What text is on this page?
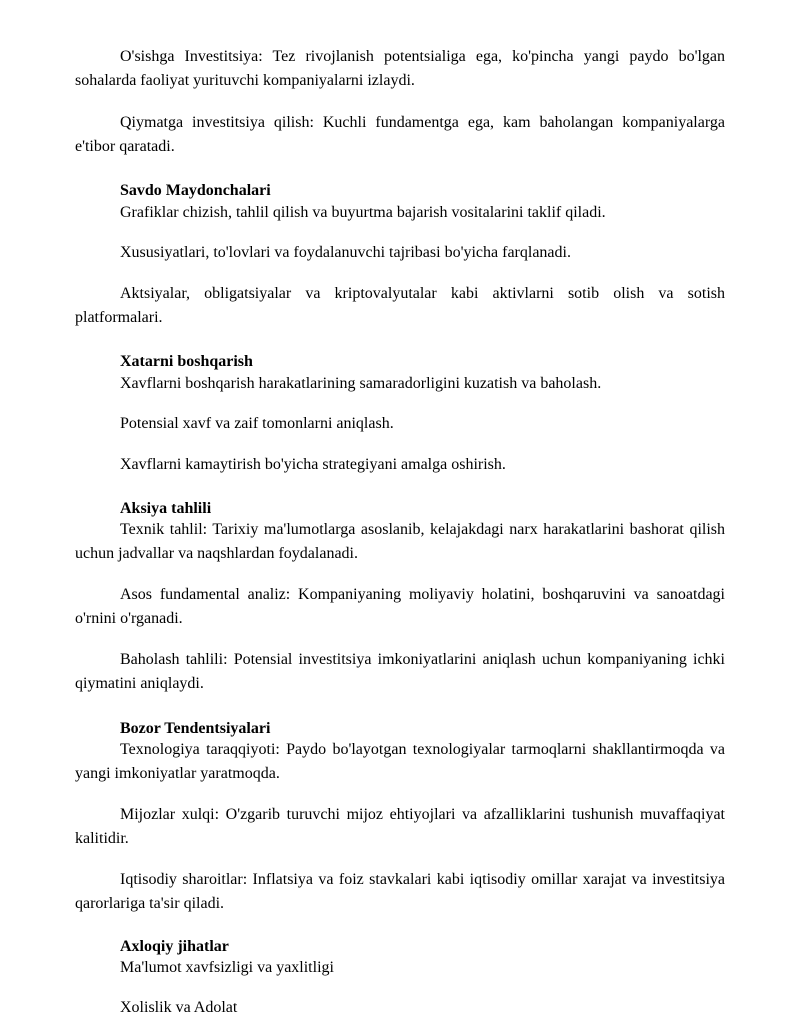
O'sishga Investitsiya: Tez rivojlanish potentsialiga ega, ko'pincha yangi paydo bo'lgan sohalarda faoliyat yurituvchi kompaniyalarni izlaydi.

Qiymatga investitsiya qilish: Kuchli fundamentga ega, kam baholangan kompaniyalarga e'tibor qaratadi.

Savdo Maydonchalari

Grafiklar chizish, tahlil qilish va buyurtma bajarish vositalarini taklif qiladi.

Xususiyatlari, to'lovlari va foydalanuvchi tajribasi bo'yicha farqlanadi.

Aktsiyalar, obligatsiyalar va kriptovalyutalar kabi aktivlarni sotib olish va sotish platformalari.

Xatarni boshqarish

Xavflarni boshqarish harakatlarining samaradorligini kuzatish va baholash.

Potensial xavf va zaif tomonlarni aniqlash.

Xavflarni kamaytirish bo'yicha strategiyani amalga oshirish.

Aksiya tahlili

Texnik tahlil: Tarixiy ma'lumotlarga asoslanib, kelajakdagi narx harakatlarini bashorat qilish uchun jadvallar va naqshlardan foydalanadi.

Asos fundamental analiz: Kompaniyaning moliyaviy holatini, boshqaruvini va sanoatdagi o'rnini o'rganadi.

Baholash tahlili: Potensial investitsiya imkoniyatlarini aniqlash uchun kompaniyaning ichki qiymatini aniqlaydi.

Bozor Tendentsiyalari

Texnologiya taraqqiyoti: Paydo bo'layotgan texnologiyalar tarmoqlarni shakllantirmoqda va yangi imkoniyatlar yaratmoqda.

Mijozlar xulqi: O'zgarib turuvchi mijoz ehtiyojlari va afzalliklarini tushunish muvaffaqiyat kalitidir.

Iqtisodiy sharoitlar: Inflatsiya va foiz stavkalari kabi iqtisodiy omillar xarajat va investitsiya qarorlariga ta'sir qiladi.

Axloqiy jihatlar

Ma'lumot xavfsizligi va yaxlitligi

Xolislik va Adolat
